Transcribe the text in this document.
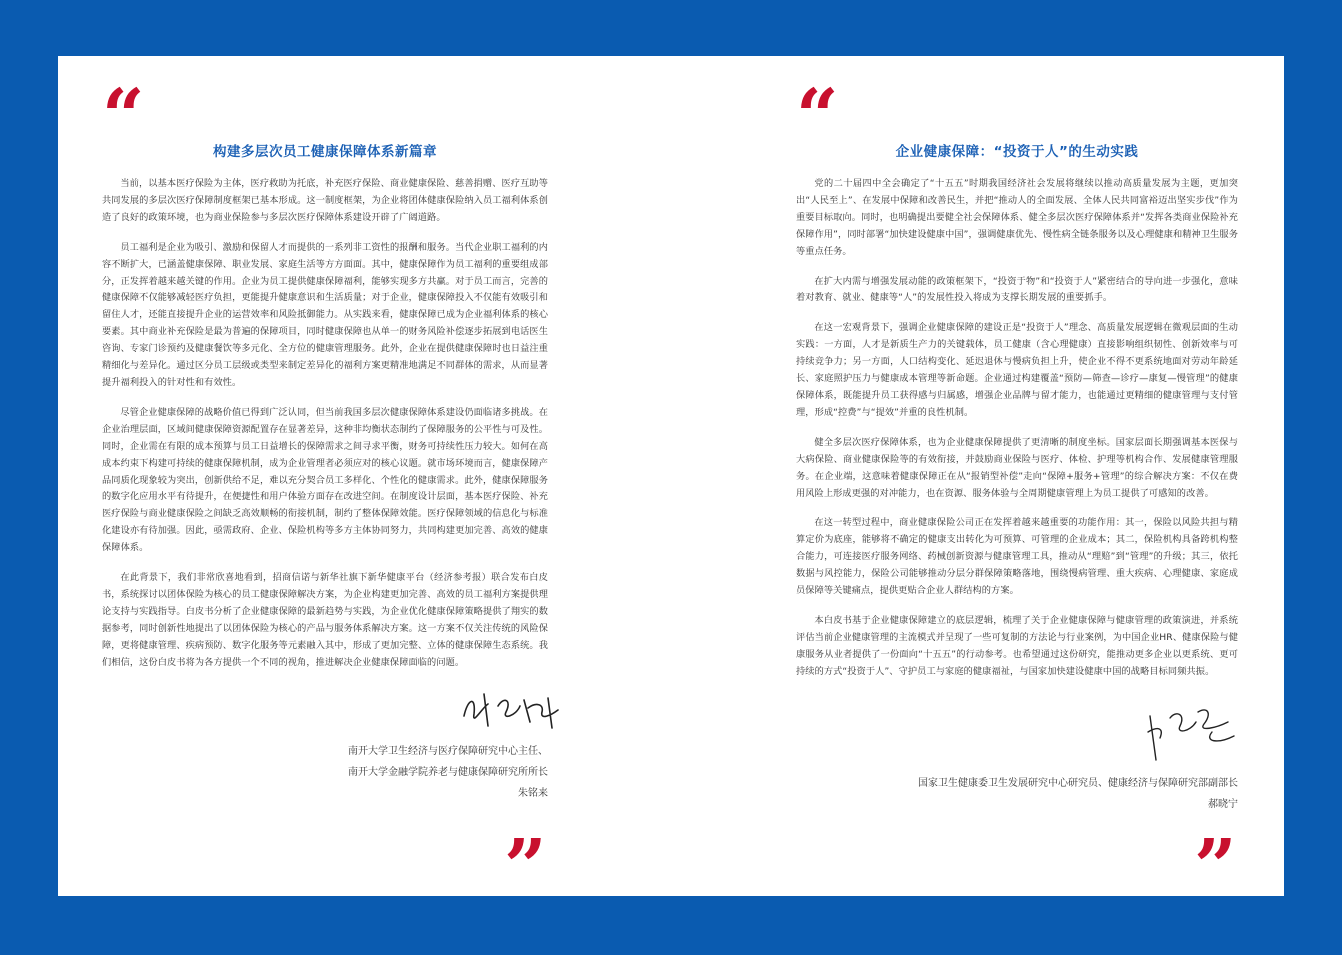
“	构建多层次员工健康保障体系新篇章

当前，以基本医疗保险为主体，医疗救助为托底，补充医疗保险、商业健康保险、慈善捐赠、医疗互助等共同发展的多层次医疗保障制度框架已基本形成。这一制度框架，为企业将团体健康保险纳入员工福利体系创造了良好的政策环境，也为商业保险参与多层次医疗保障体系建设开辟了广阔道路。

员工福利是企业为吸引、激励和保留人才而提供的一系列非工资性的报酬和服务。当代企业职工福利的内容不断扩大，已涵盖健康保障、职业发展、家庭生活等方方面面。其中，健康保障作为员工福利的重要组成部分，正发挥着越来越关键的作用。企业为员工提供健康保障福利，能够实现多方共赢。对于员工而言，完善的健康保障不仅能够减轻医疗负担，更能提升健康意识和生活质量；对于企业，健康保障投入不仅能有效吸引和留住人才，还能直接提升企业的运营效率和风险抵御能力。从实践来看，健康保障已成为企业福利体系的核心要素。其中商业补充保险是最为普遍的保障项目，同时健康保障也从单一的财务风险补偿逐步拓展到电话医生咨询、专家门诊预约及健康餐饮等多元化、全方位的健康管理服务。此外，企业在提供健康保障时也日益注重精细化与差异化。通过区分员工层级或类型来制定差异化的福利方案更精准地满足不同群体的需求，从而显著提升福利投入的针对性和有效性。

尽管企业健康保障的战略价值已得到广泛认同，但当前我国多层次健康保障体系建设仍面临诸多挑战。在企业治理层面，区域间健康保障资源配置存在显著差异，这种非均衡状态制约了保障服务的公平性与可及性。同时，企业需在有限的成本预算与员工日益增长的保障需求之间寻求平衡，财务可持续性压力较大。如何在高成本约束下构建可持续的健康保障机制，成为企业管理者必须应对的核心议题。就市场环境而言，健康保障产品同质化现象较为突出，创新供给不足，难以充分契合员工多样化、个性化的健康需求。此外，健康保障服务的数字化应用水平有待提升，在便捷性和用户体验方面存在改进空间。在制度设计层面，基本医疗保险、补充医疗保险与商业健康保险之间缺乏高效顺畅的衔接机制，制约了整体保障效能。医疗保障领域的信息化与标准化建设亦有待加强。因此，亟需政府、企业、保险机构等多方主体协同努力，共同构建更加完善、高效的健康保障体系。

在此背景下，我们非常欣喜地看到，招商信诺与新华社旗下新华健康平台（经济参考报）联合发布白皮书，系统探讨以团体保险为核心的员工健康保障解决方案，为企业构建更加完善、高效的员工福利方案提供理论支持与实践指导。白皮书分析了企业健康保障的最新趋势与实践，为企业优化健康保障策略提供了翔实的数据参考，同时创新性地提出了以团体保险为核心的产品与服务体系解决方案。这一方案不仅关注传统的风险保障，更将健康管理、疾病预防、数字化服务等元素融入其中，形成了更加完整、立体的健康保障生态系统。我们相信，这份白皮书将为各方提供一个不同的视角，推进解决企业健康保障面临的问题。

南开大学卫生经济与医疗保障研究中心主任、
南开大学金融学院养老与健康保障研究所所长
朱铭来
”
“	企业健康保障：“投资于人”的生动实践

党的二十届四中全会确定了“十五五”时期我国经济社会发展将继续以推动高质量发展为主题，更加突出“人民至上”、在发展中保障和改善民生，并把“推动人的全面发展、全体人民共同富裕迈出坚实步伐”作为重要目标取向。同时，也明确提出要健全社会保障体系、健全多层次医疗保障体系并“发挥各类商业保险补充保障作用”，同时部署“加快建设健康中国”，强调健康优先、慢性病全链条服务以及心理健康和精神卫生服务等重点任务。

在扩大内需与增强发展动能的政策框架下，“投资于物”和“投资于人”紧密结合的导向进一步强化，意味着对教育、就业、健康等“人”的发展性投入将成为支撑长期发展的重要抓手。

在这一宏观背景下，强调企业健康保障的建设正是“投资于人”理念、高质量发展逻辑在微观层面的生动实践：一方面，人才是新质生产力的关键载体，员工健康（含心理健康）直接影响组织韧性、创新效率与可持续竞争力；另一方面，人口结构变化、延迟退休与慢病负担上升，使企业不得不更系统地面对劳动年龄延长、家庭照护压力与健康成本管理等新命题。企业通过构建覆盖“预防—筛查—诊疗—康复—慢管理”的健康保障体系，既能提升员工获得感与归属感，增强企业品牌与留才能力，也能通过更精细的健康管理与支付管理，形成“控费”与“提效”并重的良性机制。

健全多层次医疗保障体系，也为企业健康保障提供了更清晰的制度坐标。国家层面长期强调基本医保与大病保险、商业健康保险等的有效衔接，并鼓励商业保险与医疗、体检、护理等机构合作、发展健康管理服务。在企业端，这意味着健康保障正在从“报销型补偿”走向“保障+服务+管理”的综合解决方案：不仅在费用风险上形成更强的对冲能力，也在资源、服务体验与全周期健康管理上为员工提供了可感知的改善。

在这一转型过程中，商业健康保险公司正在发挥着越来越重要的功能作用：其一，保险以风险共担与精算定价为底座，能够将不确定的健康支出转化为可预算、可管理的企业成本；其二，保险机构具备跨机构整合能力，可连接医疗服务网络、药械创新资源与健康管理工具，推动从“理赔”到“管理”的升级；其三，依托数据与风控能力，保险公司能够推动分层分群保障策略落地，围绕慢病管理、重大疾病、心理健康、家庭成员保障等关键痛点，提供更贴合企业人群结构的方案。

本白皮书基于企业健康保障建立的底层逻辑，梳理了关于企业健康保障与健康管理的政策演进，并系统评估当前企业健康管理的主流模式并呈现了一些可复制的方法论与行业案例，为中国企业HR、健康保险与健康服务从业者提供了一份面向“十五五”的行动参考。也希望通过这份研究，能推动更多企业以更系统、更可持续的方式“投资于人”、守护员工与家庭的健康福祉，与国家加快建设健康中国的战略目标同频共振。

国家卫生健康委卫生发展研究中心研究员、健康经济与保障研究部副部长
郝晓宁
”
